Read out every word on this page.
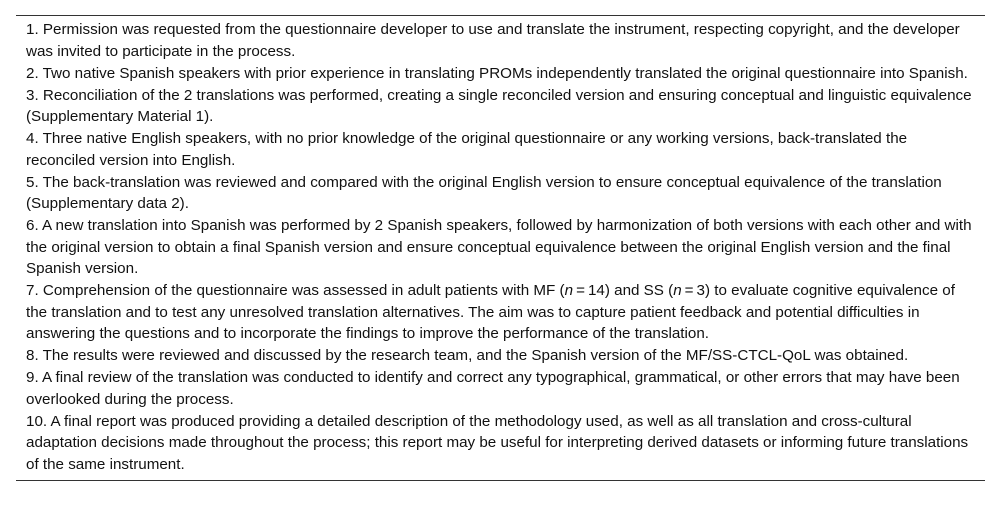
1. Permission was requested from the questionnaire developer to use and translate the instrument, respecting copyright, and the developer was invited to participate in the process.

2. Two native Spanish speakers with prior experience in translating PROMs independently translated the original questionnaire into Spanish.

3. Reconciliation of the 2 translations was performed, creating a single reconciled version and ensuring conceptual and linguistic equivalence (Supplementary Material 1).

4. Three native English speakers, with no prior knowledge of the original questionnaire or any working versions, back-translated the reconciled version into English.

5. The back-translation was reviewed and compared with the original English version to ensure conceptual equivalence of the translation (Supplementary data 2).

6. A new translation into Spanish was performed by 2 Spanish speakers, followed by harmonization of both versions with each other and with the original version to obtain a final Spanish version and ensure conceptual equivalence between the original English version and the final Spanish version.

7. Comprehension of the questionnaire was assessed in adult patients with MF (n = 14) and SS (n = 3) to evaluate cognitive equivalence of the translation and to test any unresolved translation alternatives. The aim was to capture patient feedback and potential difficulties in answering the questions and to incorporate the findings to improve the performance of the translation.

8. The results were reviewed and discussed by the research team, and the Spanish version of the MF/SS-CTCL-QoL was obtained.

9. A final review of the translation was conducted to identify and correct any typographical, grammatical, or other errors that may have been overlooked during the process.

10. A final report was produced providing a detailed description of the methodology used, as well as all translation and cross-cultural adaptation decisions made throughout the process; this report may be useful for interpreting derived datasets or informing future translations of the same instrument.
